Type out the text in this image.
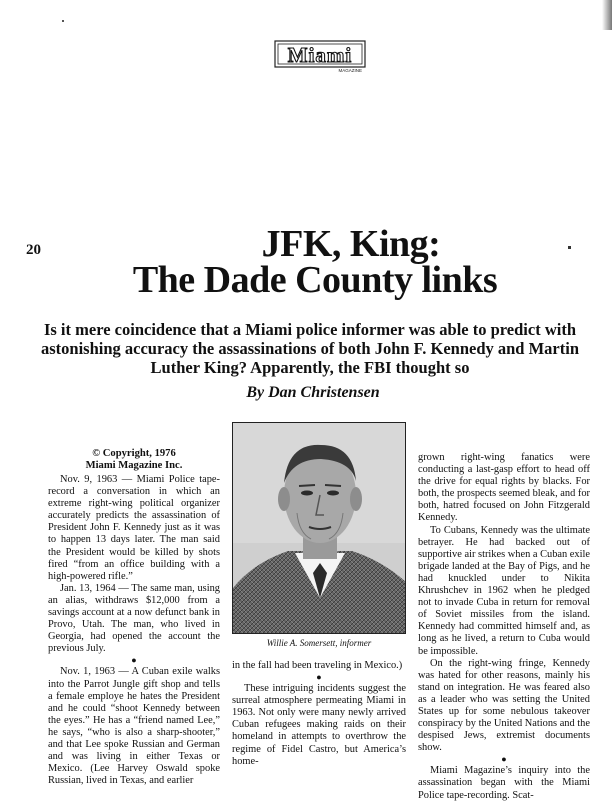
Miami
MAGAZINE
20	JFK, King:
The Dade County links
Is it mere coincidence that a Miami police informer was able to predict with astonishing accuracy the assassinations of both John F. Kennedy and Martin Luther King? Apparently, the FBI thought so
By Dan Christensen
© Copyright, 1976
Miami Magazine Inc.

Nov. 9, 1963 — Miami Police tape-record a conversation in which an extreme right-wing political organizer accurately predicts the assassination of President John F. Kennedy just as it was to happen 13 days later. The man said the President would be killed by shots fired “from an office building with a high-powered rifle.”

Jan. 13, 1964 — The same man, using an alias, withdraws $12,000 from a savings account at a now defunct bank in Provo, Utah. The man, who lived in Georgia, had opened the account the previous July.

●

Nov. 1, 1963 — A Cuban exile walks into the Parrot Jungle gift shop and tells a female employe he hates the President and he could “shoot Kennedy between the eyes.” He has a “friend named Lee,” he says, “who is also a sharp-shooter,” and that Lee spoke Russian and German and was living in either Texas or Mexico. (Lee Harvey Oswald spoke Russian, lived in Texas, and earlier

Willie A. Somersett, informer

in the fall had been traveling in Mexico.)

●

These intriguing incidents suggest the surreal atmosphere permeating Miami in 1963. Not only were many newly arrived Cuban refugees making raids on their homeland in attempts to overthrow the regime of Fidel Castro, but America’s home-

grown right-wing fanatics were conducting a last-gasp effort to head off the drive for equal rights by blacks. For both, the prospects seemed bleak, and for both, hatred focused on John Fitzgerald Kennedy.

To Cubans, Kennedy was the ultimate betrayer. He had backed out of supportive air strikes when a Cuban exile brigade landed at the Bay of Pigs, and he had knuckled under to Nikita Khrushchev in 1962 when he pledged not to invade Cuba in return for removal of Soviet missiles from the island. Kennedy had committed himself and, as long as he lived, a return to Cuba would be impossible.

On the right-wing fringe, Kennedy was hated for other reasons, mainly his stand on integration. He was feared also as a leader who was setting the United States up for some nebulous takeover conspiracy by the United Nations and the despised Jews, extremist documents show.

●

Miami Magazine’s inquiry into the assassination began with the Miami Police tape-recording. Scat-
